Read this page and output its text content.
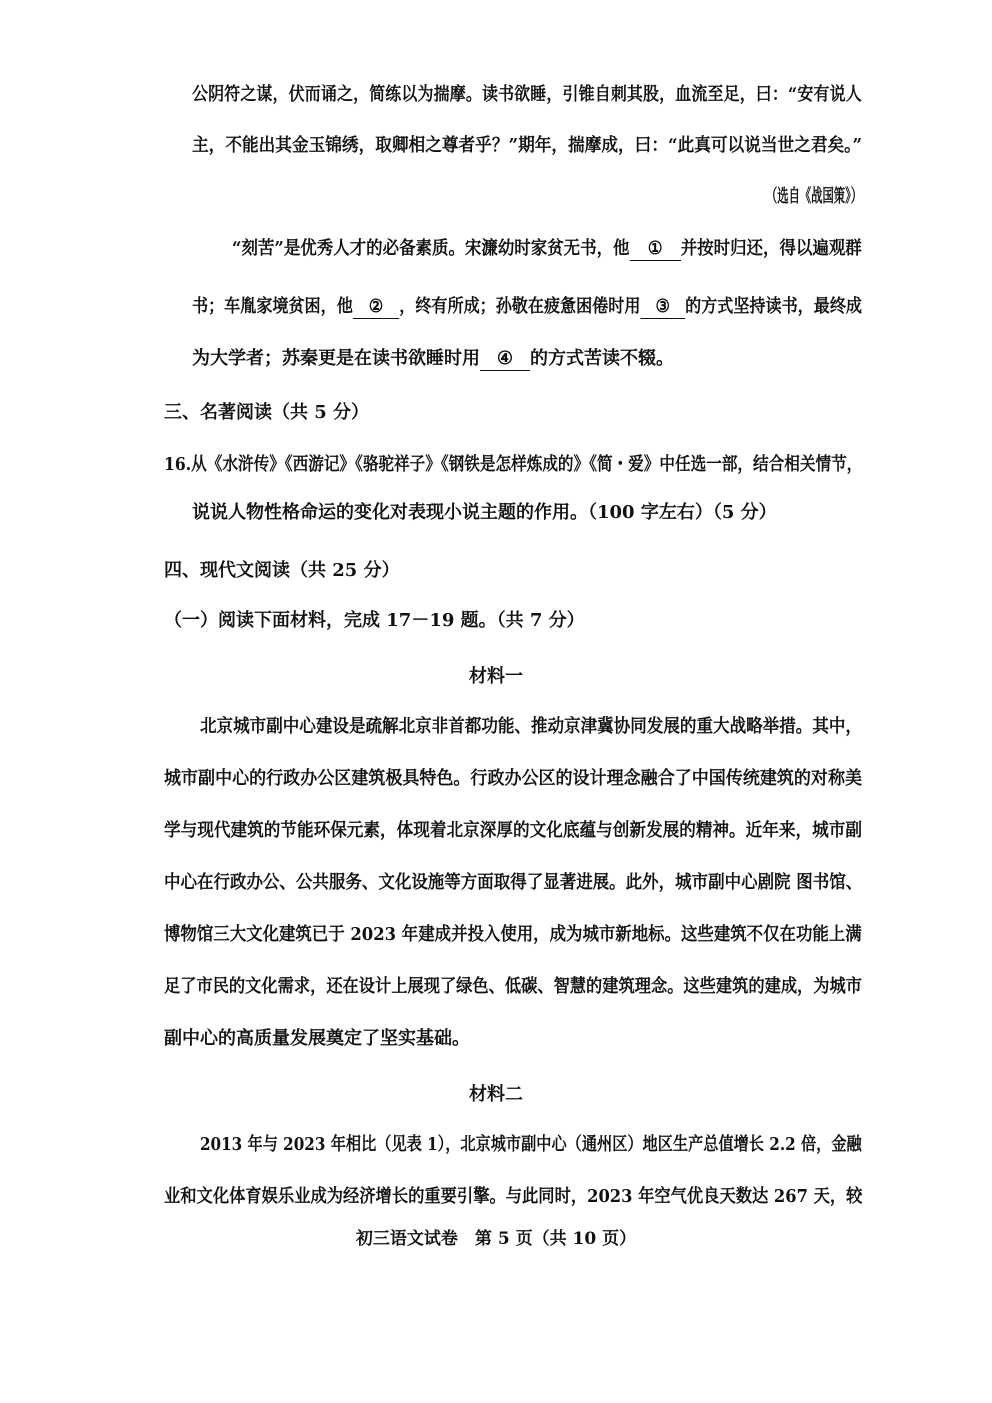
公阴符之谋，伏而诵之，简练以为揣摩。读书欲睡，引锥自刺其股，血流至足，曰：“安有说人
主，不能出其金玉锦绣，取卿相之尊者乎？”期年，揣摩成，曰：“此真可以说当世之君矣。”
（选自《战国策》）
“刻苦”是优秀人才的必备素质。宋濂幼时家贫无书，他 ① 并按时归还，得以遍观群
书；车胤家境贫困，他 ② ，终有所成；孙敬在疲惫困倦时用 ③ 的方式坚持读书，最终成
为大学者；苏秦更是在读书欲睡时用 ④ 的方式苦读不辍。
三、名著阅读（共 5 分）
16.从《水浒传》《西游记》《骆驼祥子》《钢铁是怎样炼成的》《简・爱》中任选一部，结合相关情节，
说说人物性格命运的变化对表现小说主题的作用。（100 字左右）（5 分）
四、现代文阅读（共 25 分）
（一）阅读下面材料，完成 17－19 题。（共 7 分）
材料一
北京城市副中心建设是疏解北京非首都功能、推动京津冀协同发展的重大战略举措。其中，
城市副中心的行政办公区建筑极具特色。行政办公区的设计理念融合了中国传统建筑的对称美
学与现代建筑的节能环保元素，体现着北京深厚的文化底蕴与创新发展的精神。近年来，城市副
中心在行政办公、公共服务、文化设施等方面取得了显著进展。此外，城市副中心剧院 图书馆、
博物馆三大文化建筑已于 2023 年建成并投入使用，成为城市新地标。这些建筑不仅在功能上满
足了市民的文化需求，还在设计上展现了绿色、低碳、智慧的建筑理念。这些建筑的建成，为城市
副中心的高质量发展奠定了坚实基础。
材料二
2013 年与 2023 年相比（见表 1），北京城市副中心（通州区）地区生产总值增长 2.2 倍，金融
业和文化体育娱乐业成为经济增长的重要引擎。与此同时，2023 年空气优良天数达 267 天，较
初三语文试卷　第 5 页（共 10 页）
